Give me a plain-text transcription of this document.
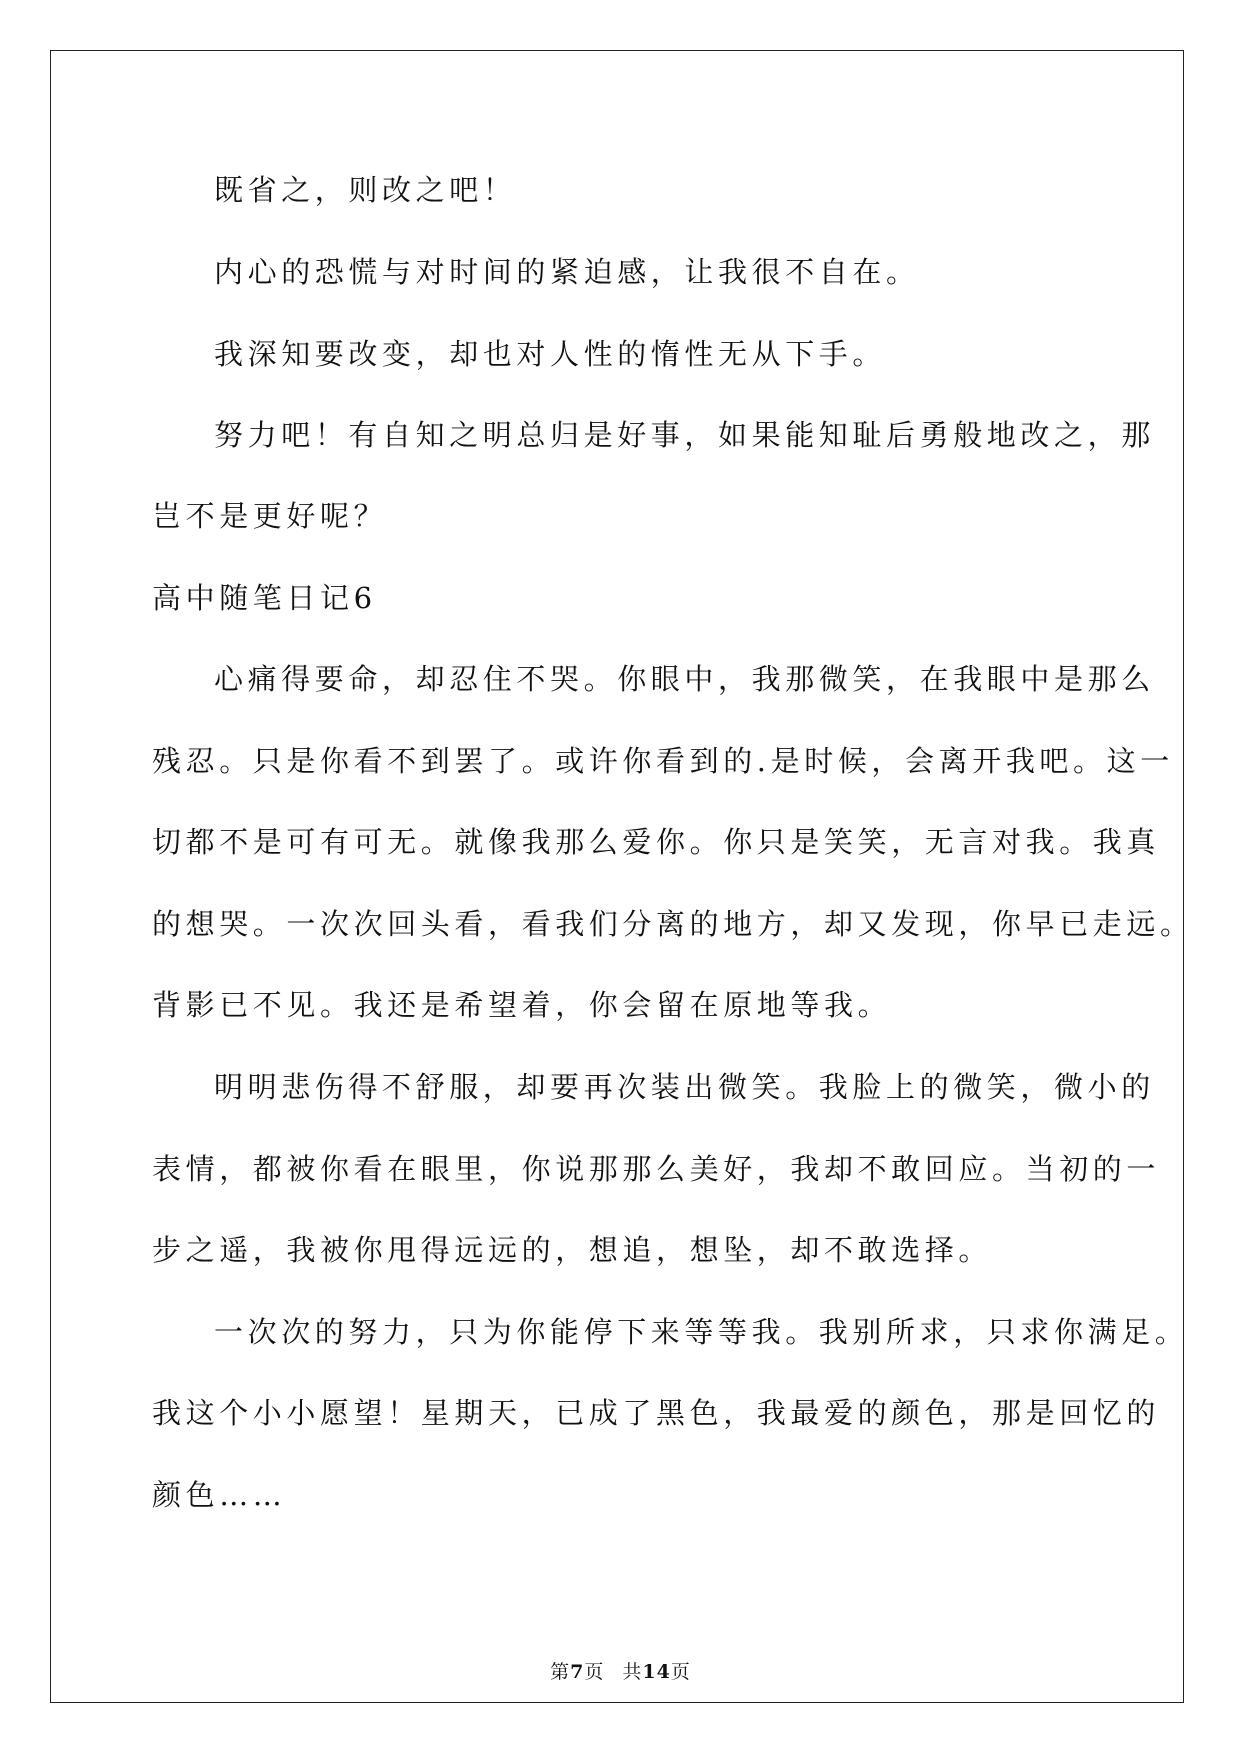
既省之，则改之吧！
内心的恐慌与对时间的紧迫感，让我很不自在。
我深知要改变，却也对人性的惰性无从下手。
努力吧！有自知之明总归是好事，如果能知耻后勇般地改之，那
岂不是更好呢？
高中随笔日记6
心痛得要命，却忍住不哭。你眼中，我那微笑，在我眼中是那么
残忍。只是你看不到罢了。或许你看到的.是时候，会离开我吧。这一
切都不是可有可无。就像我那么爱你。你只是笑笑，无言对我。我真
的想哭。一次次回头看，看我们分离的地方，却又发现，你早已走远。
背影已不见。我还是希望着，你会留在原地等我。
明明悲伤得不舒服，却要再次装出微笑。我脸上的微笑，微小的
表情，都被你看在眼里，你说那那么美好，我却不敢回应。当初的一
步之遥，我被你甩得远远的，想追，想坠，却不敢选择。
一次次的努力，只为你能停下来等等我。我别所求，只求你满足。
我这个小小愿望！星期天，已成了黑色，我最爱的颜色，那是回忆的
颜色……
第7页 共14页
